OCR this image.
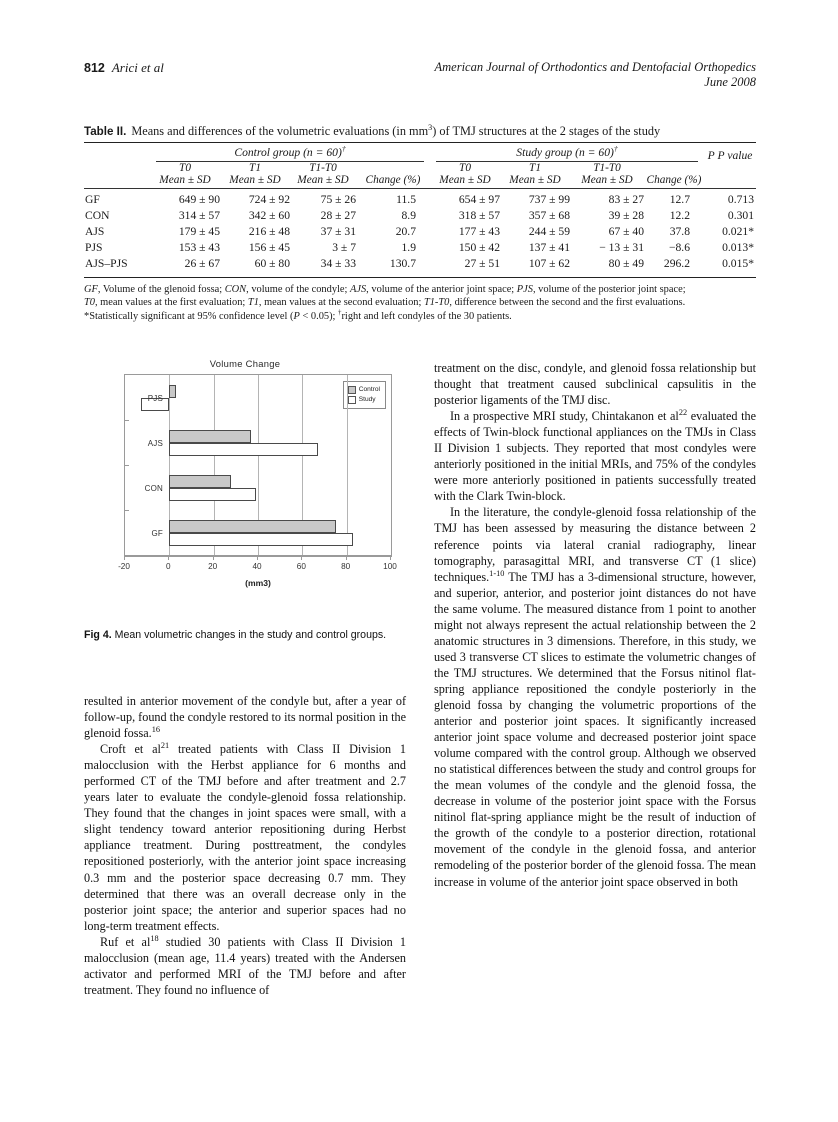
812 Arici et al	American Journal of Orthodontics and Dentofacial Orthopedics
June 2008
Table II. Means and differences of the volumetric evaluations (in $mm^3$) of TMJ structures at the 2 stages of the study

	Control group (n = 60)†				Study group (n = 60)†				P P value
	T0	T1	T1-T0		T0	T1	T1-T0		
	Mean ± SD	Mean ± SD	Mean ± SD	Change (%)	Mean ± SD	Mean ± SD	Mean ± SD	Change (%)	

GF	649 ± 90	724 ± 92	75 ± 26	11.5	654 ± 97	737 ± 99	83 ± 27	12.7	0.713
CON	314 ± 57	342 ± 60	28 ± 27	8.9	318 ± 57	357 ± 68	39 ± 28	12.2	0.301
AJS	179 ± 45	216 ± 48	37 ± 31	20.7	177 ± 43	244 ± 59	67 ± 40	37.8	0.021*
PJS	153 ± 43	156 ± 45	3 ± 7	1.9	150 ± 42	137 ± 41	− 13 ± 31	−8.6	0.013*
AJS–PJS	26 ± 67	60 ± 80	34 ± 33	130.7	27 ± 51	107 ± 62	80 ± 49	296.2	0.015*

GF, Volume of the glenoid fossa; CON, volume of the condyle; AJS, volume of the anterior joint space; PJS, volume of the posterior joint space;
T0, mean values at the first evaluation; T1, mean values at the second evaluation; T1-T0, difference between the second and the first evaluations.
*Statistically significant at 95% confidence level (P < 0.05); †right and left condyles of the 30 patients.
Volume Change
Control
Study
PJS
AJS
CON
GF
-20	0	20	40	60	80	100
(mm3)
Fig 4. Mean volumetric changes in the study and control groups.

resulted in anterior movement of the condyle but, after a year of follow-up, found the condyle restored to its normal position in the glenoid fossa.$^{16}$

Croft et $al^{21}$ treated patients with Class II Division 1 malocclusion with the Herbst appliance for 6 months and performed CT of the TMJ before and after treatment and 2.7 years later to evaluate the condyle-glenoid fossa relationship. They found that the changes in joint spaces were small, with a slight tendency toward anterior repositioning during Herbst appliance treatment. During posttreatment, the condyles repositioned posteriorly, with the anterior joint space increasing 0.3 mm and the posterior space decreasing 0.7 mm. They determined that there was an overall decrease only in the posterior joint space; the anterior and superior spaces had no long-term treatment effects.

Ruf et $al^{18}$ studied 30 patients with Class II Division 1 malocclusion (mean age, 11.4 years) treated with the Andersen activator and performed MRI of the TMJ before and after treatment. They found no influence of

treatment on the disc, condyle, and glenoid fossa relationship but thought that treatment caused subclinical capsulitis in the posterior ligaments of the TMJ disc.

In a prospective MRI study, Chintakanon et $al^{22}$ evaluated the effects of Twin-block functional appliances on the TMJs in Class II Division 1 subjects. They reported that most condyles were anteriorly positioned in the initial MRIs, and 75% of the condyles were more anteriorly positioned in patients successfully treated with the Clark Twin-block.

In the literature, the condyle-glenoid fossa relationship of the TMJ has been assessed by measuring the distance between 2 reference points via lateral cranial radiography, linear tomography, parasagittal MRI, and transverse CT (1 slice) techniques.$^{1-10}$ The TMJ has a 3-dimensional structure, however, and superior, anterior, and posterior joint distances do not have the same volume. The measured distance from 1 point to another might not always represent the actual relationship between the 2 anatomic structures in 3 dimensions. Therefore, in this study, we used 3 transverse CT slices to estimate the volumetric changes of the TMJ structures. We determined that the Forsus nitinol flat-spring appliance repositioned the condyle posteriorly in the glenoid fossa by changing the volumetric proportions of the anterior and posterior joint spaces. It significantly increased anterior joint space volume and decreased posterior joint space volume compared with the control group. Although we observed no statistical differences between the study and control groups for the mean volumes of the condyle and the glenoid fossa, the decrease in volume of the posterior joint space with the Forsus nitinol flat-spring appliance might be the result of induction of the growth of the condyle to a posterior direction, rotational movement of the condyle in the glenoid fossa, and anterior remodeling of the posterior border of the glenoid fossa. The mean increase in volume of the anterior joint space observed in both
